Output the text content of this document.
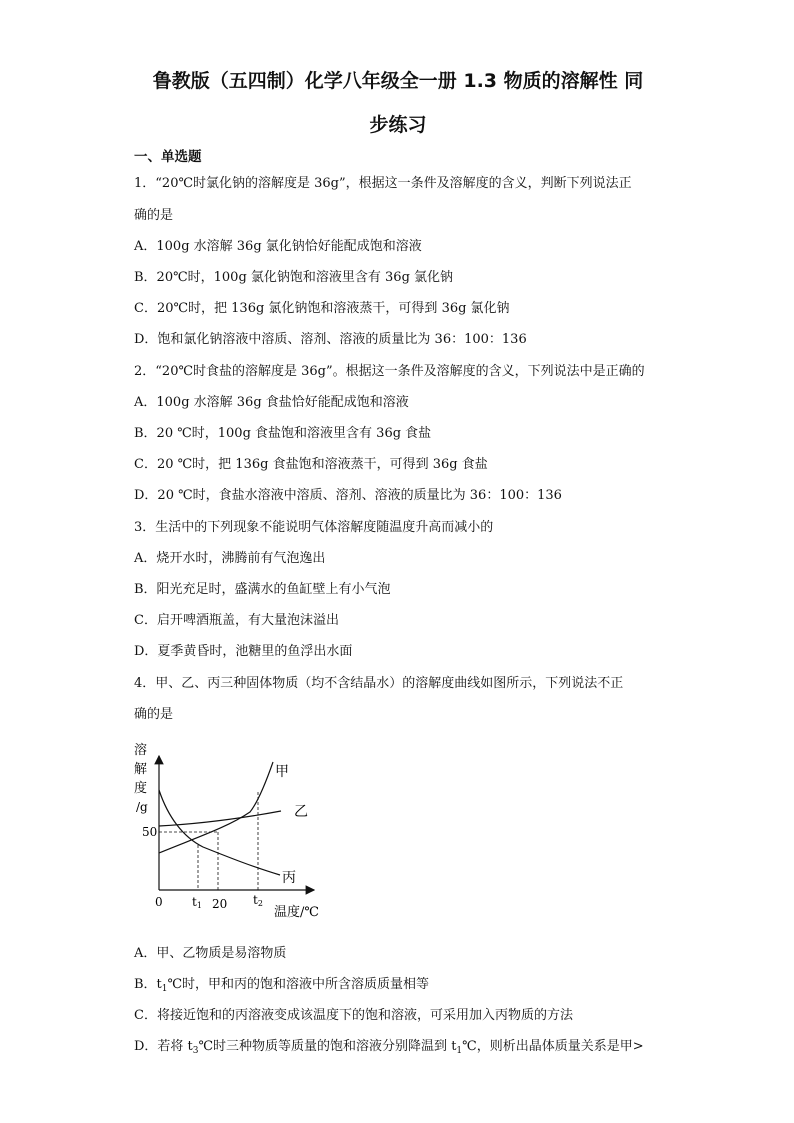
鲁教版（五四制）化学八年级全一册 1.3 物质的溶解性 同
步练习
一、单选题
1．“20℃时氯化钠的溶解度是 36g”，根据这一条件及溶解度的含义，判断下列说法正
确的是
A．100g 水溶解 36g 氯化钠恰好能配成饱和溶液
B．20℃时，100g 氯化钠饱和溶液里含有 36g 氯化钠
C．20℃时，把 136g 氯化钠饱和溶液蒸干，可得到 36g 氯化钠
D．饱和氯化钠溶液中溶质、溶剂、溶液的质量比为 36：100：136
2．“20℃时食盐的溶解度是 36g”。根据这一条件及溶解度的含义，下列说法中是正确的
A．100g 水溶解 36g 食盐恰好能配成饱和溶液
B．20 ℃时，100g 食盐饱和溶液里含有 36g 食盐
C．20 ℃时，把 136g 食盐饱和溶液蒸干，可得到 36g 食盐
D．20 ℃时，食盐水溶液中溶质、溶剂、溶液的质量比为 36：100：136
3．生活中的下列现象不能说明气体溶解度随温度升高而减小的
A．烧开水时，沸腾前有气泡逸出
B．阳光充足时，盛满水的鱼缸壁上有小气泡
C．启开啤酒瓶盖，有大量泡沫溢出
D．夏季黄昏时，池糖里的鱼浮出水面
4．甲、乙、丙三种固体物质（均不含结晶水）的溶解度曲线如图所示，下列说法不正
确的是
溶
解
度
/g
50
0 t1 20 t2
温度/℃
甲
乙
丙
A．甲、乙物质是易溶物质
B．$t_1℃$时，甲和丙的饱和溶液中所含溶质质量相等
C．将接近饱和的丙溶液变成该温度下的饱和溶液，可采用加入丙物质的方法
D．若将 $t_3℃$时三种物质等质量的饱和溶液分别降温到 $t_1℃$，则析出晶体质量关系是甲>
